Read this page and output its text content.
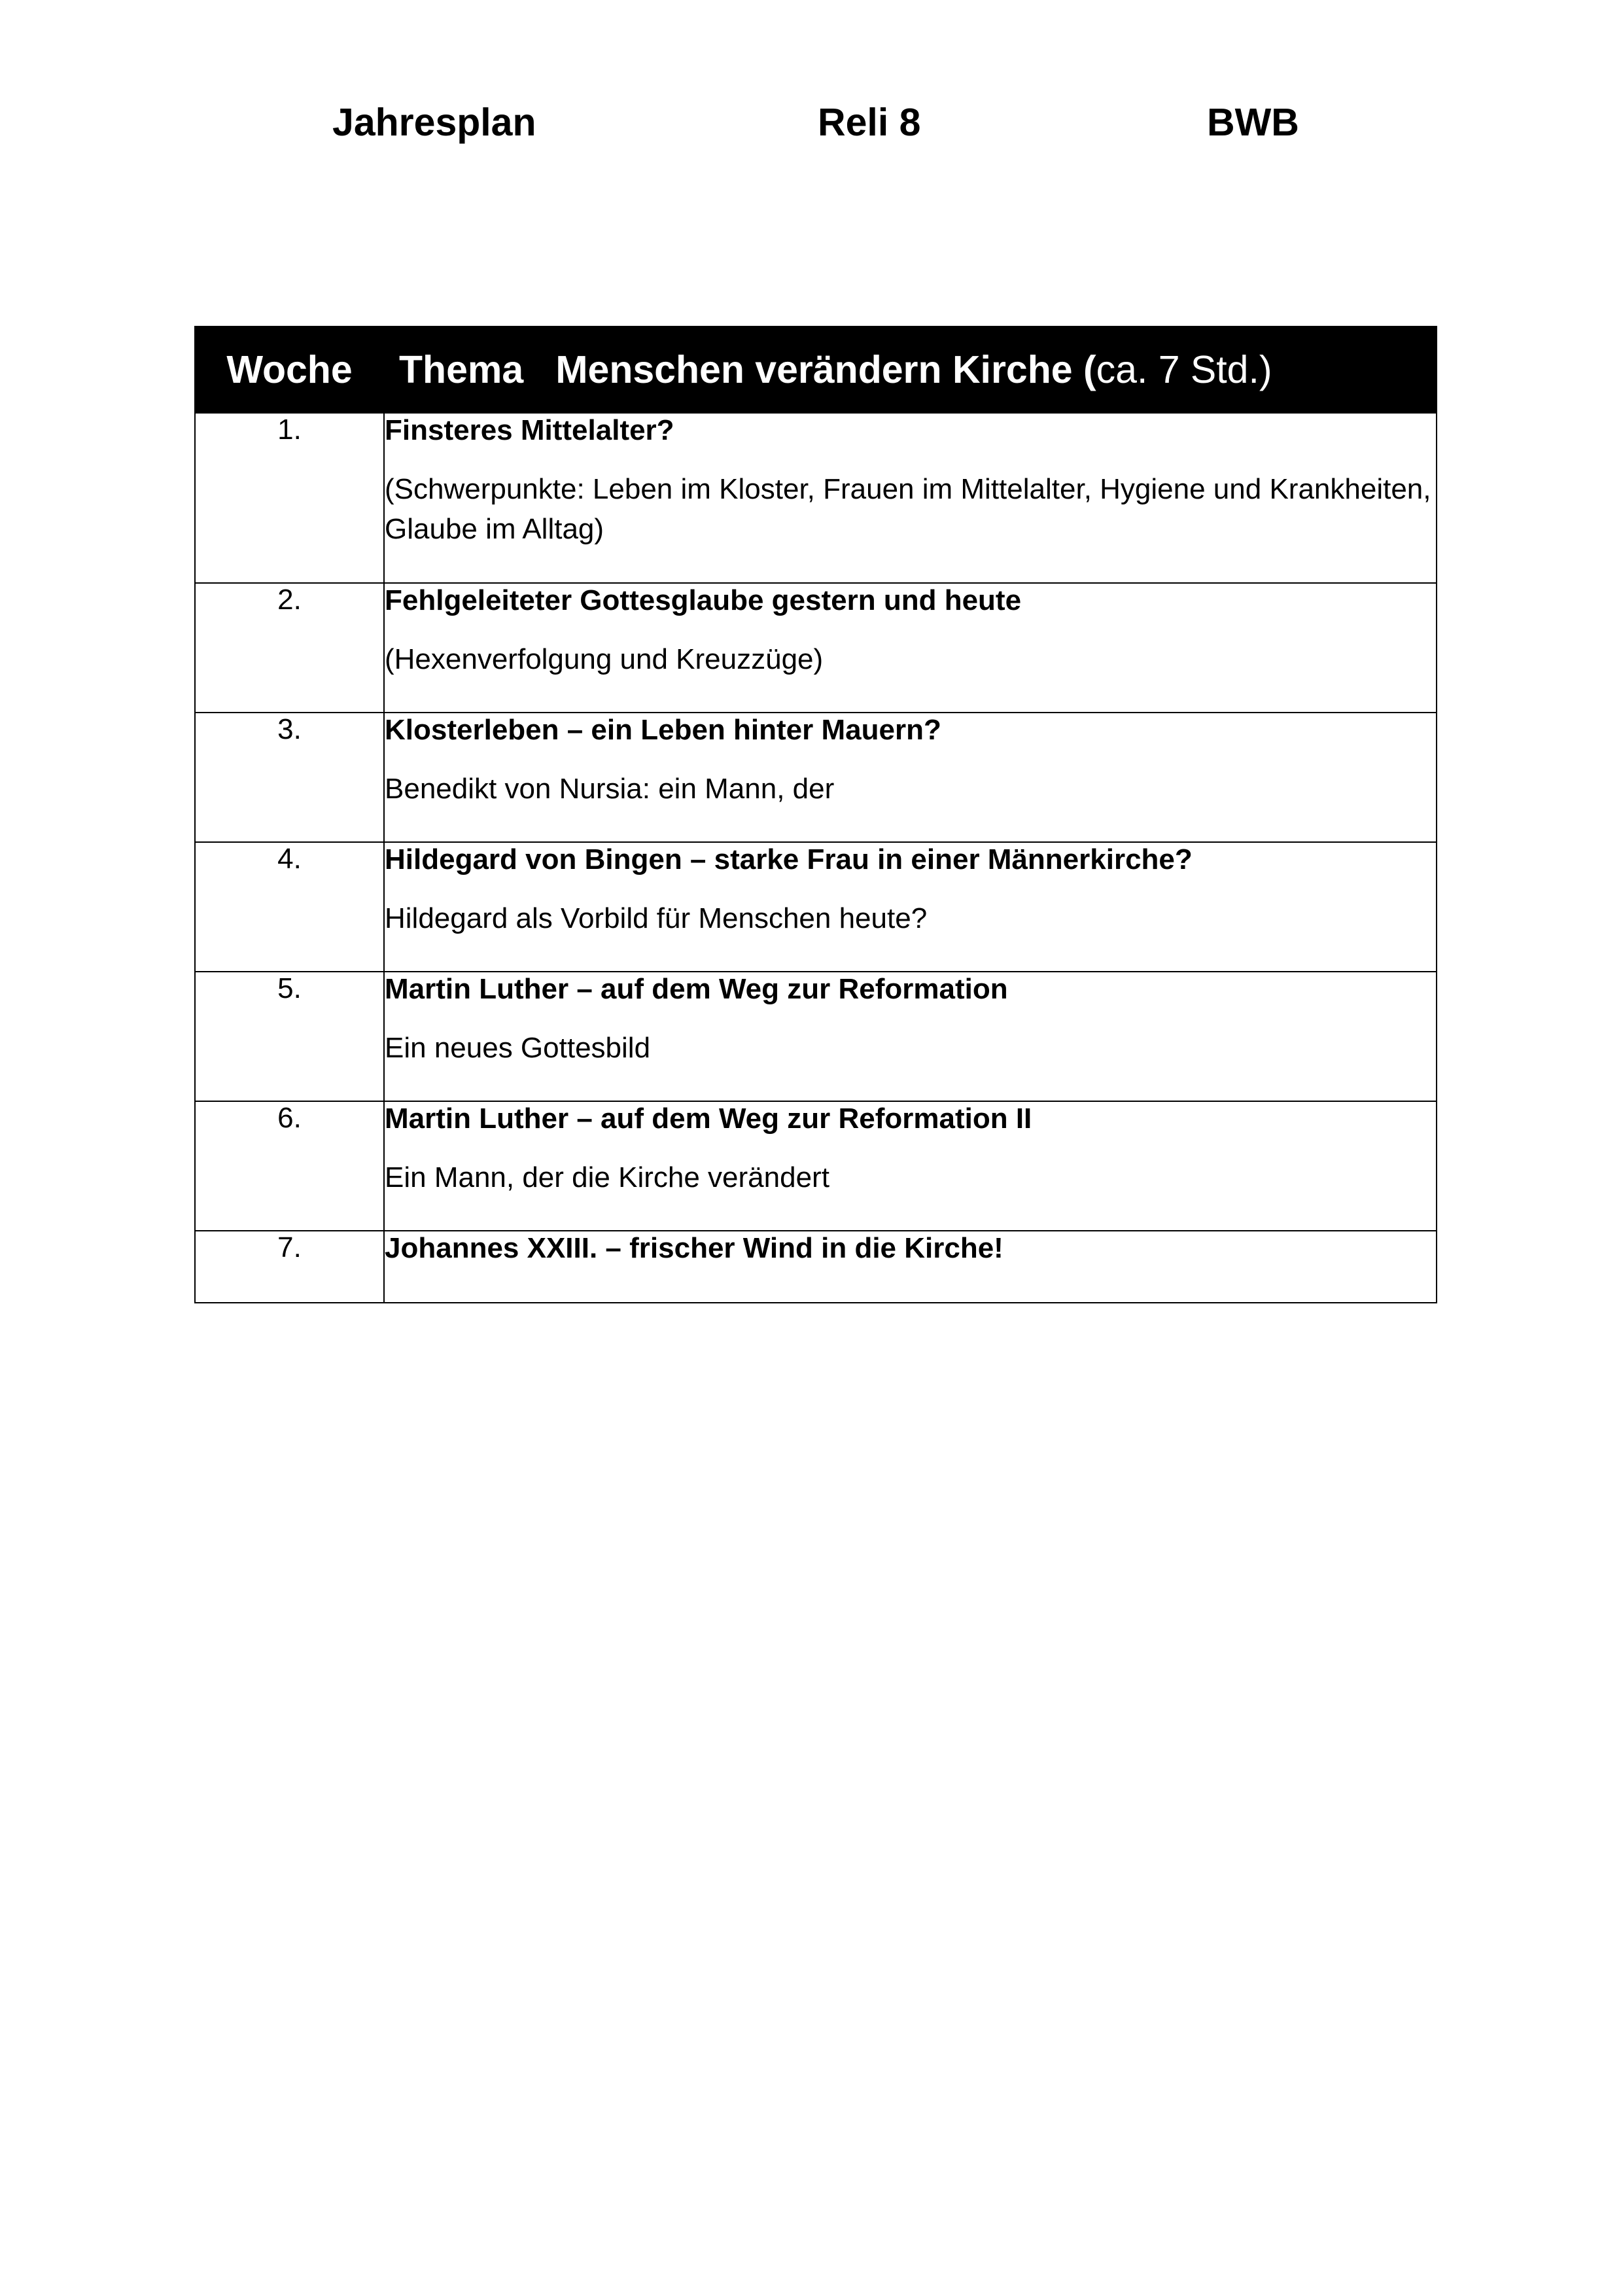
Jahresplan	Reli 8	BWB
Woche	Thema Menschen verändern Kirche (ca. 7 Std.)
1.	Finsteres Mittelalter?
(Schwerpunkte: Leben im Kloster, Frauen im Mittelalter, Hygiene und Krankheiten, Glaube im Alltag)

2.	Fehlgeleiteter Gottesglaube gestern und heute
(Hexenverfolgung und Kreuzzüge)

3.	Klosterleben – ein Leben hinter Mauern?
Benedikt von Nursia: ein Mann, der

4.	Hildegard von Bingen – starke Frau in einer Männerkirche?
Hildegard als Vorbild für Menschen heute?

5.	Martin Luther – auf dem Weg zur Reformation
Ein neues Gottesbild

6.	Martin Luther – auf dem Weg zur Reformation II
Ein Mann, der die Kirche verändert

7.	Johannes XXIII. – frischer Wind in die Kirche!
